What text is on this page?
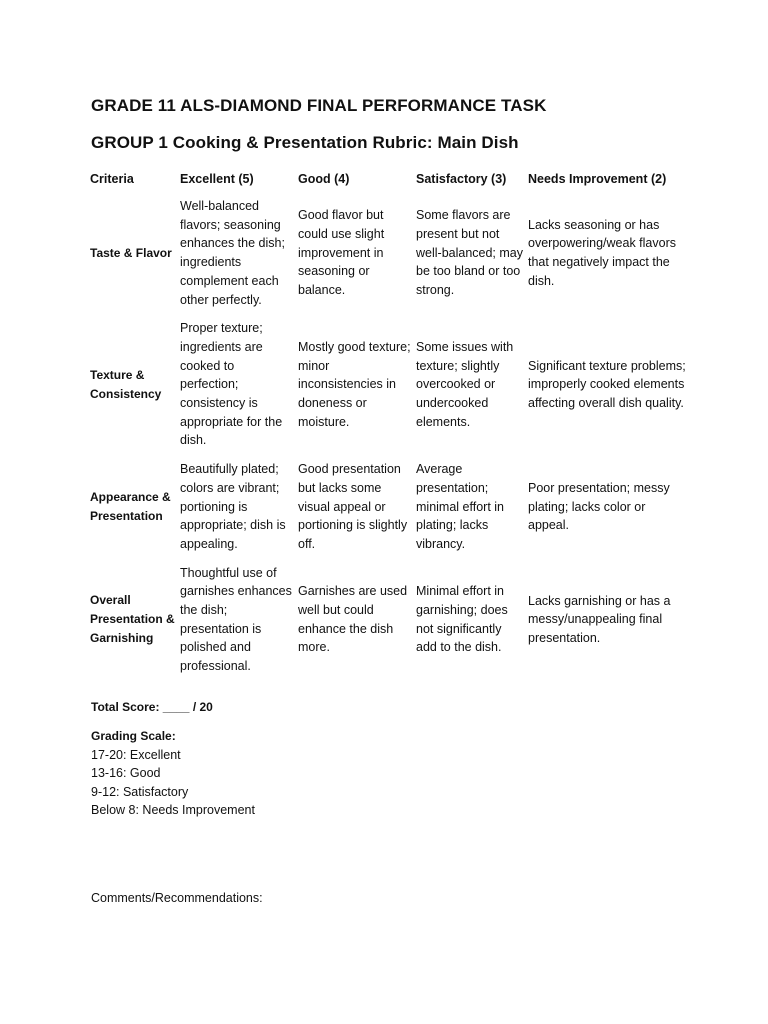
GRADE 11 ALS-DIAMOND FINAL PERFORMANCE TASK
GROUP 1 Cooking & Presentation Rubric: Main Dish
Criteria	Excellent (5)	Good (4)	Satisfactory (3)	Needs Improvement (2)
Taste & Flavor	Well-balanced flavors; seasoning enhances the dish; ingredients complement each other perfectly.	Good flavor but could use slight improvement in seasoning or balance.	Some flavors are present but not well-balanced; may be too bland or too strong.	Lacks seasoning or has overpowering/weak flavors that negatively impact the dish.
Texture & Consistency	Proper texture; ingredients are cooked to perfection; consistency is appropriate for the dish.	Mostly good texture; minor inconsistencies in doneness or moisture.	Some issues with texture; slightly overcooked or undercooked elements.	Significant texture problems; improperly cooked elements affecting overall dish quality.
Appearance & Presentation	Beautifully plated; colors are vibrant; portioning is appropriate; dish is appealing.	Good presentation but lacks some visual appeal or portioning is slightly off.	Average presentation; minimal effort in plating; lacks vibrancy.	Poor presentation; messy plating; lacks color or appeal.
Overall Presentation & Garnishing	Thoughtful use of garnishes enhances the dish; presentation is polished and professional.	Garnishes are used well but could enhance the dish more.	Minimal effort in garnishing; does not significantly add to the dish.	Lacks garnishing or has a messy/unappealing final presentation.
Total Score: ____ / 20
Grading Scale:
17-20: Excellent
13-16: Good
9-12: Satisfactory
Below 8: Needs Improvement
Comments/Recommendations:
